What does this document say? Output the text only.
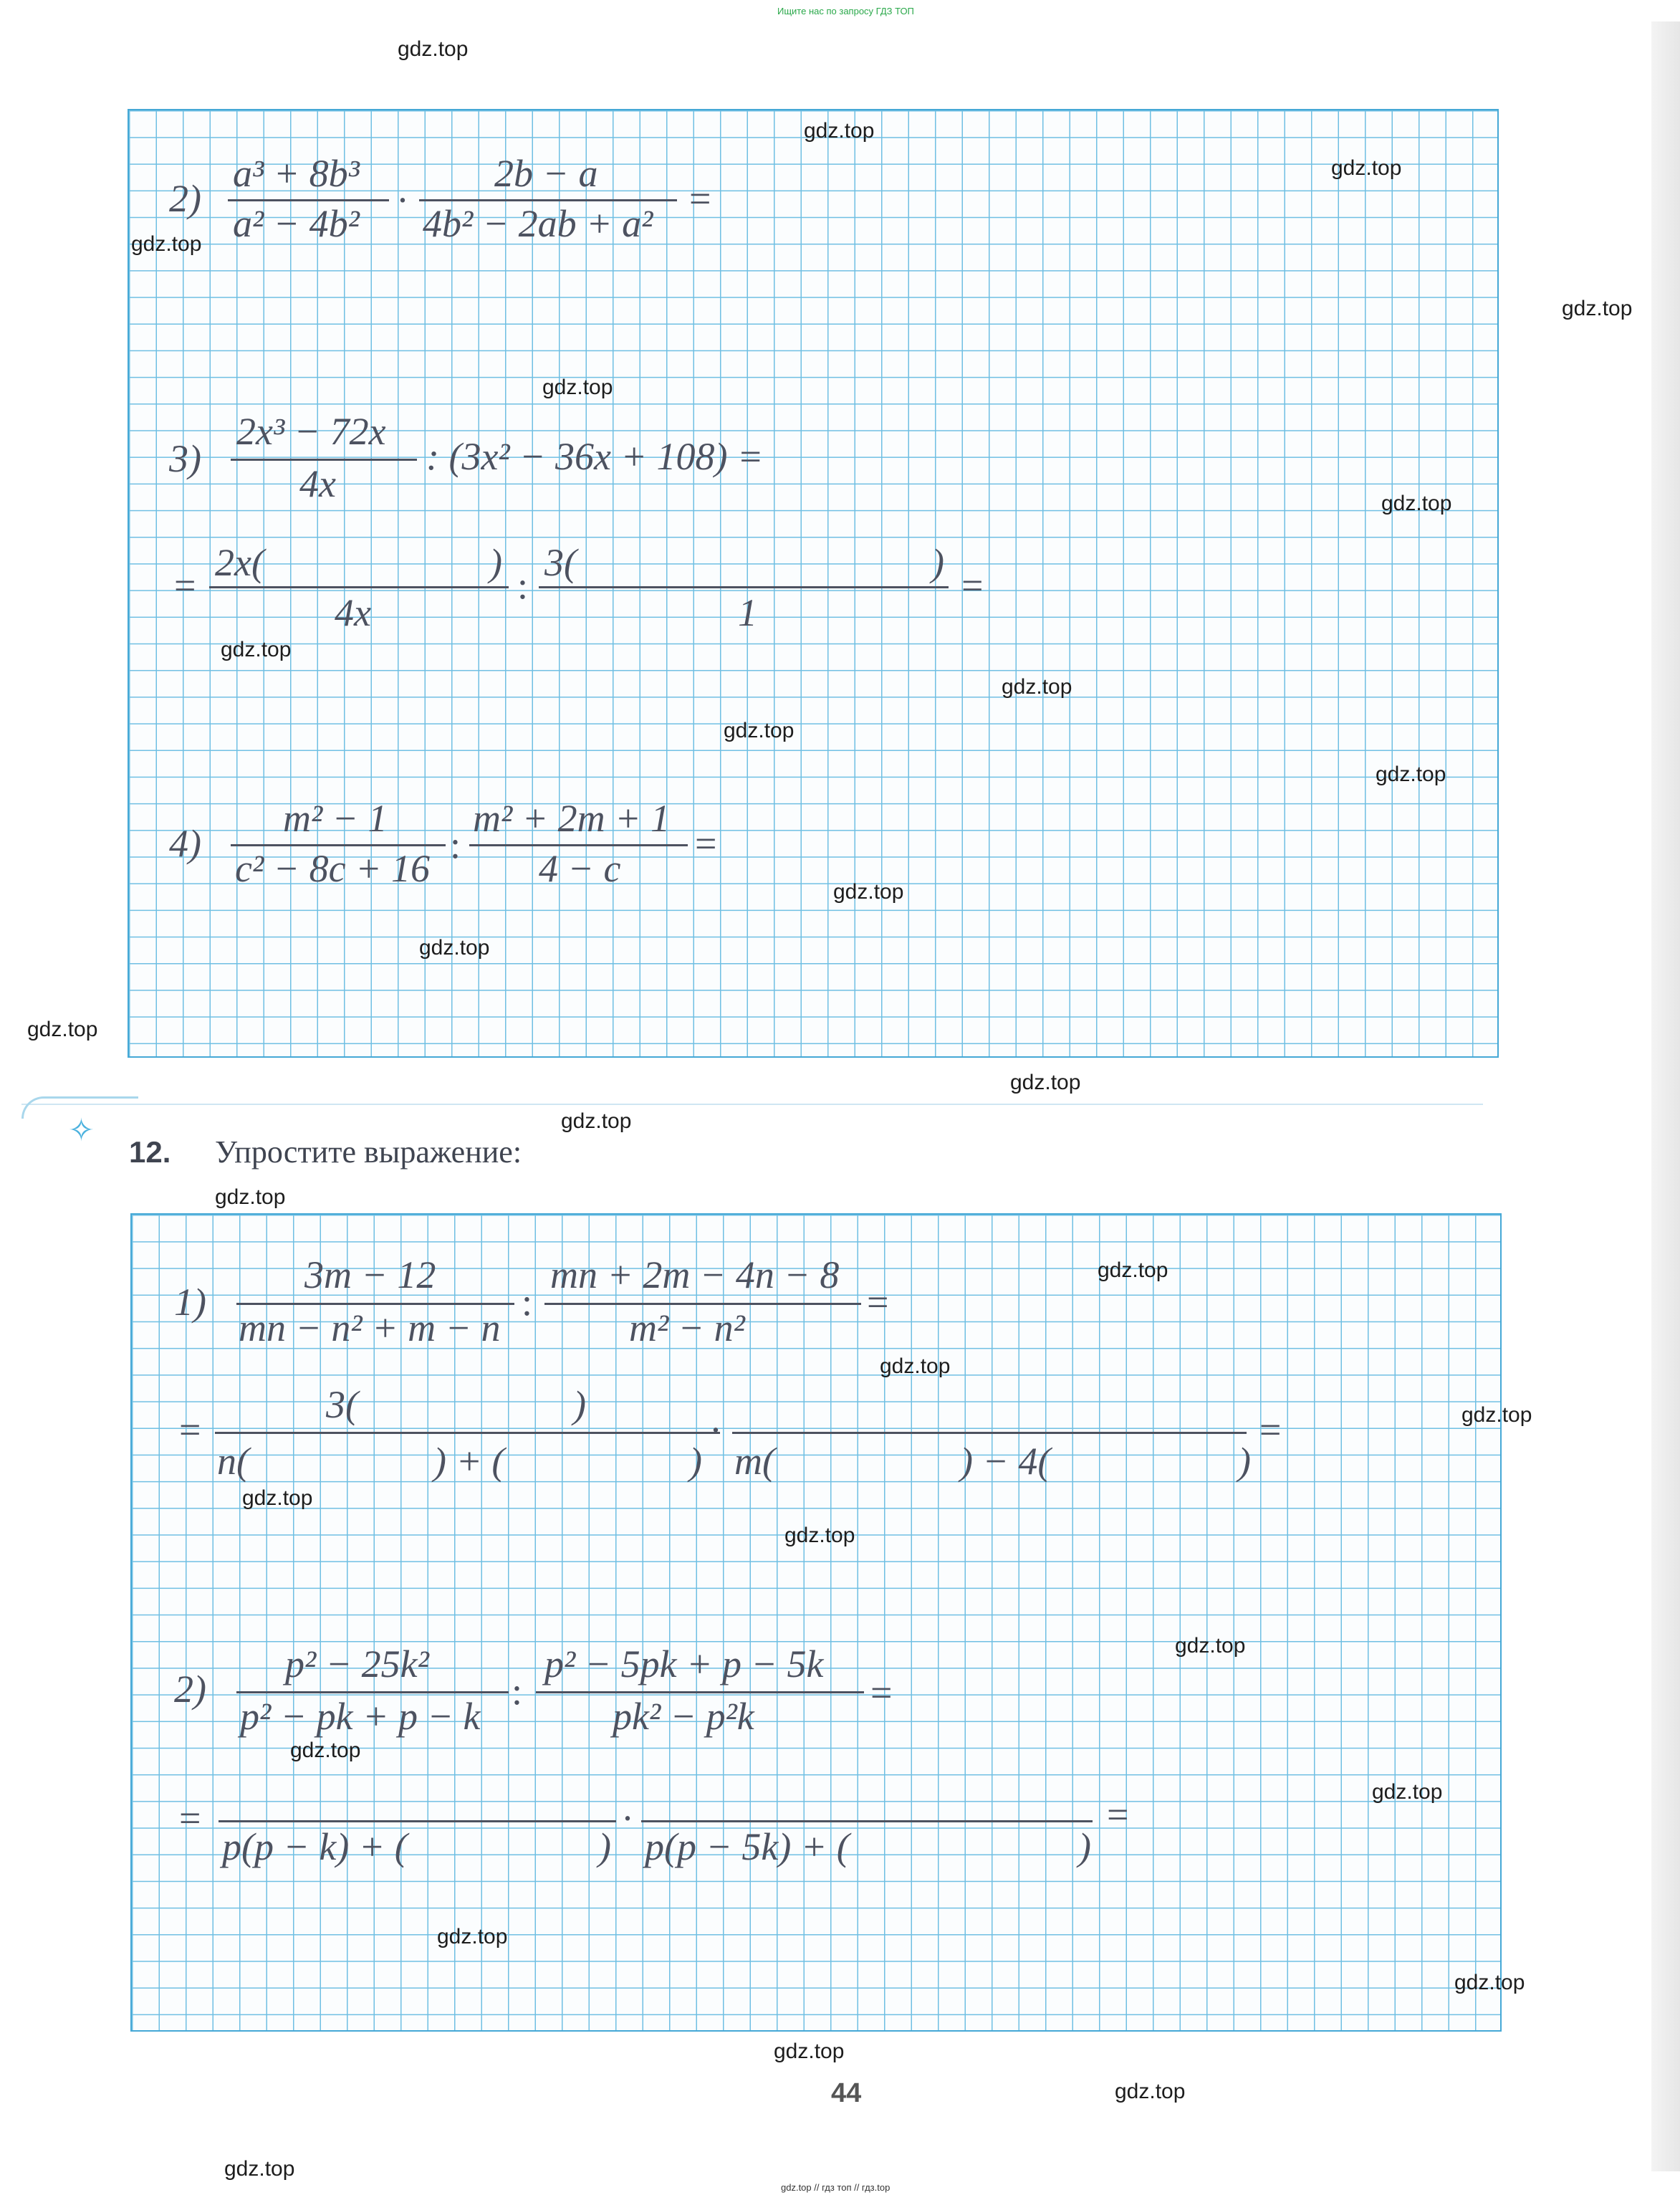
Ищите нас по запросу ГДЗ ТОП
2)
a³ + 8b³
a² − 4b²
·
2b − a
4b² − 2ab + a²
=
3)
2x³ − 72x
4x
: (3x² − 36x + 108) =
=
2x(	)
4x
:
3(	)
1
=
4)
m² − 1
c² − 8c + 16
:
m² + 2m + 1
4 − c
=
✧
12. Упростите выражение:
1)
3m − 12
mn − n² + m − n
:
mn + 2m − 4n − 8
m² − n²
=
=
3(	)
n(	) + (	)
·
m(	) − 4(	)
=
2)
p² − 25k²
p² − pk + p − k
:
p² − 5pk + p − 5k
pk² − p²k
=
=
p(p − k) + (	)
·
p(p − 5k) + (	)
=
44
gdz.top
gdz.top
gdz.top
gdz.top
gdz.top
gdz.top
gdz.top
gdz.top
gdz.top
gdz.top
gdz.top
gdz.top
gdz.top
gdz.top
gdz.top
gdz.top
gdz.top
gdz.top
gdz.top
gdz.top
gdz.top
gdz.top
gdz.top
gdz.top
gdz.top
gdz.top
gdz.top
gdz.top
gdz.top
gdz.top
gdz.top // гдз топ // гдз.top
